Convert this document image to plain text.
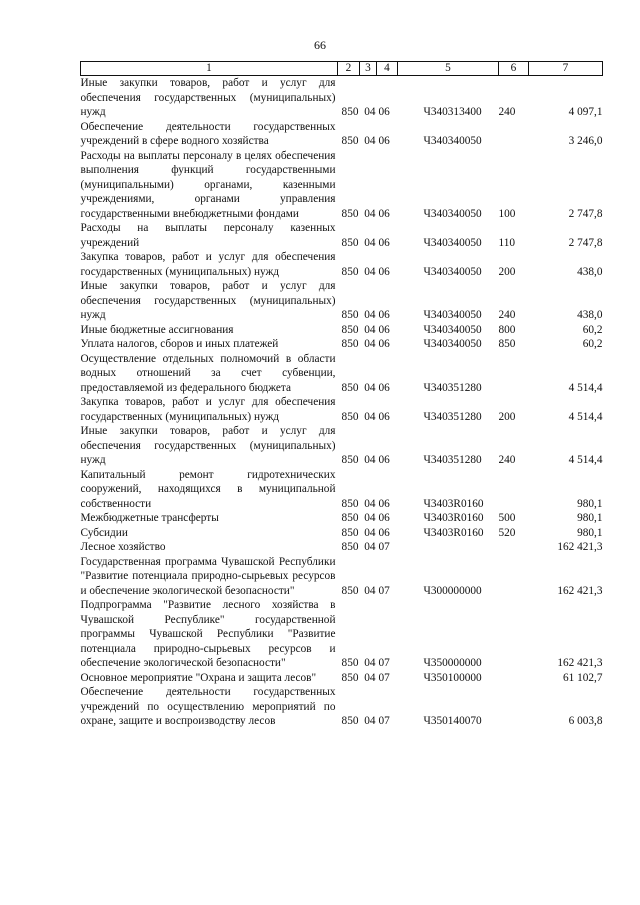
66
1	2	3	4	5	6	7
Иные закупки товаров, работ и услуг для обеспечения государственных (муниципальных) нужд	850	04	06	Ч340313400	240	4 097,1
Обеспечение деятельности государственных учреждений в сфере водного хозяйства	850	04	06	Ч340340050		3 246,0
Расходы на выплаты персоналу в целях обеспечения выполнения функций государственными (муниципальными) органами, казенными учреждениями, органами управления государственными внебюджетными фондами	850	04	06	Ч340340050	100	2 747,8
Расходы на выплаты персоналу казенных учреждений	850	04	06	Ч340340050	110	2 747,8
Закупка товаров, работ и услуг для обеспечения государственных (муниципальных) нужд	850	04	06	Ч340340050	200	438,0
Иные закупки товаров, работ и услуг для обеспечения государственных (муниципальных) нужд	850	04	06	Ч340340050	240	438,0
Иные бюджетные ассигнования	850	04	06	Ч340340050	800	60,2
Уплата налогов, сборов и иных платежей	850	04	06	Ч340340050	850	60,2
Осуществление отдельных полномочий в области водных отношений за счет субвенции, предоставляемой из федерального бюджета	850	04	06	Ч340351280		4 514,4
Закупка товаров, работ и услуг для обеспечения государственных (муниципальных) нужд	850	04	06	Ч340351280	200	4 514,4
Иные закупки товаров, работ и услуг для обеспечения государственных (муниципальных) нужд	850	04	06	Ч340351280	240	4 514,4
Капитальный ремонт гидротехнических сооружений, находящихся в муниципальной собственности	850	04	06	Ч3403R0160		980,1
Межбюджетные трансферты	850	04	06	Ч3403R0160	500	980,1
Субсидии	850	04	06	Ч3403R0160	520	980,1
Лесное хозяйство	850	04	07			162 421,3
Государственная программа Чувашской Республики "Развитие потенциала природно-сырьевых ресурсов и обеспечение экологической безопасности"	850	04	07	Ч300000000		162 421,3
Подпрограмма "Развитие лесного хозяйства в Чувашской Республике" государственной программы Чувашской Республики "Развитие потенциала природно-сырьевых ресурсов и обеспечение экологической безопасности"	850	04	07	Ч350000000		162 421,3
Основное мероприятие "Охрана и защита лесов"	850	04	07	Ч350100000		61 102,7
Обеспечение деятельности государственных учреждений по осуществлению мероприятий по охране, защите и воспроизводству лесов	850	04	07	Ч350140070		6 003,8
